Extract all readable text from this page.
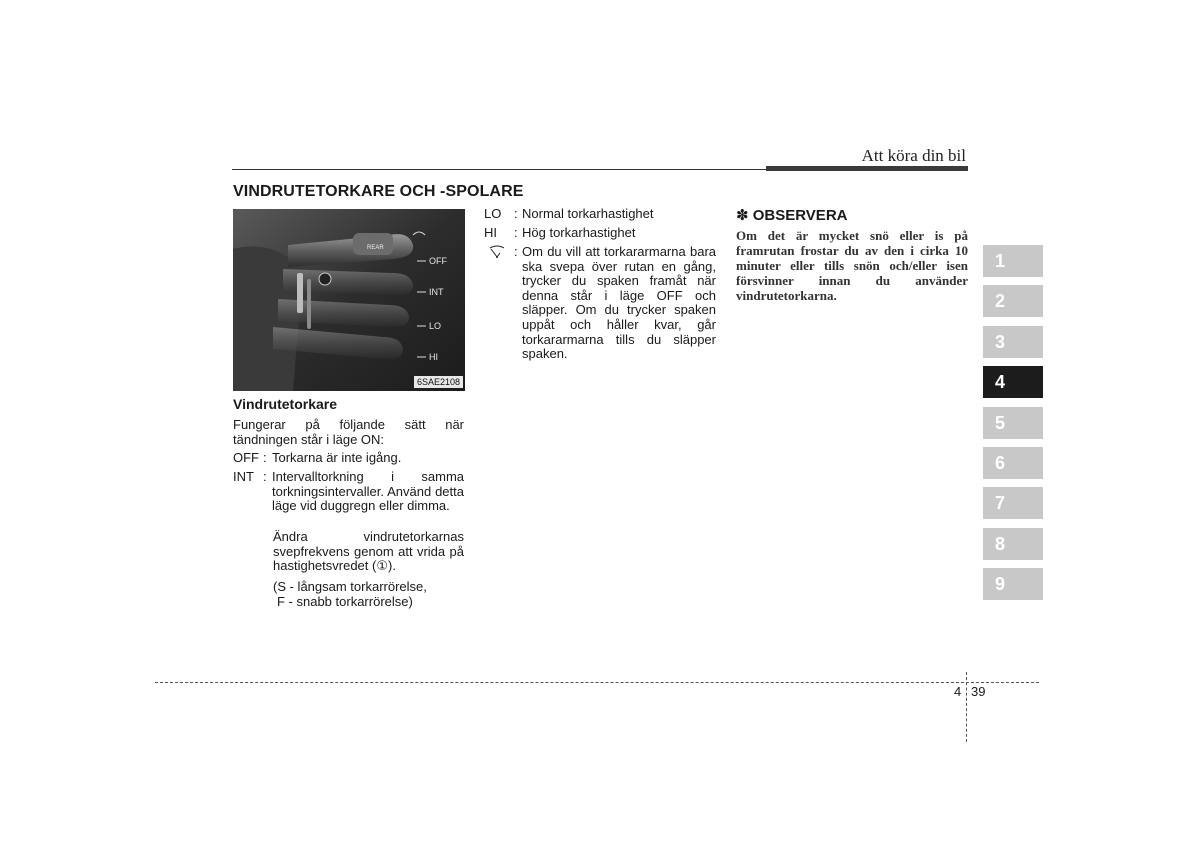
Att köra din bil
VINDRUTETORKARE OCH -SPOLARE
REAR
OFF
INT
LO
HI
6SAE2108
Vindrutetorkare
Fungerar på följande sätt när tändningen står i läge ON:
OFF : Torkarna är inte igång.
INT : Intervalltorkning i samma torkningsintervaller. Använd detta läge vid duggregn eller dimma.
Ändra vindrutetorkarnas svepfrekvens genom att vrida på hastighetsvredet (①).
(S - långsam torkarrörelse,
F - snabb torkarrörelse)
LO : Normal torkarhastighet
HI : Hög torkarhastighet
: Om du vill att torkararmarna bara ska svepa över rutan en gång, trycker du spaken framåt när denna står i läge OFF och släpper. Om du trycker spaken uppåt och håller kvar, går torkararmarna tills du släpper spaken.
✽ OBSERVERA
Om det är mycket snö eller is på framrutan frostar du av den i cirka 10 minuter eller tills snön och/eller isen försvinner innan du använder vindrutetorkarna.
1
2
3
4
5
6
7
8
9
4 39
